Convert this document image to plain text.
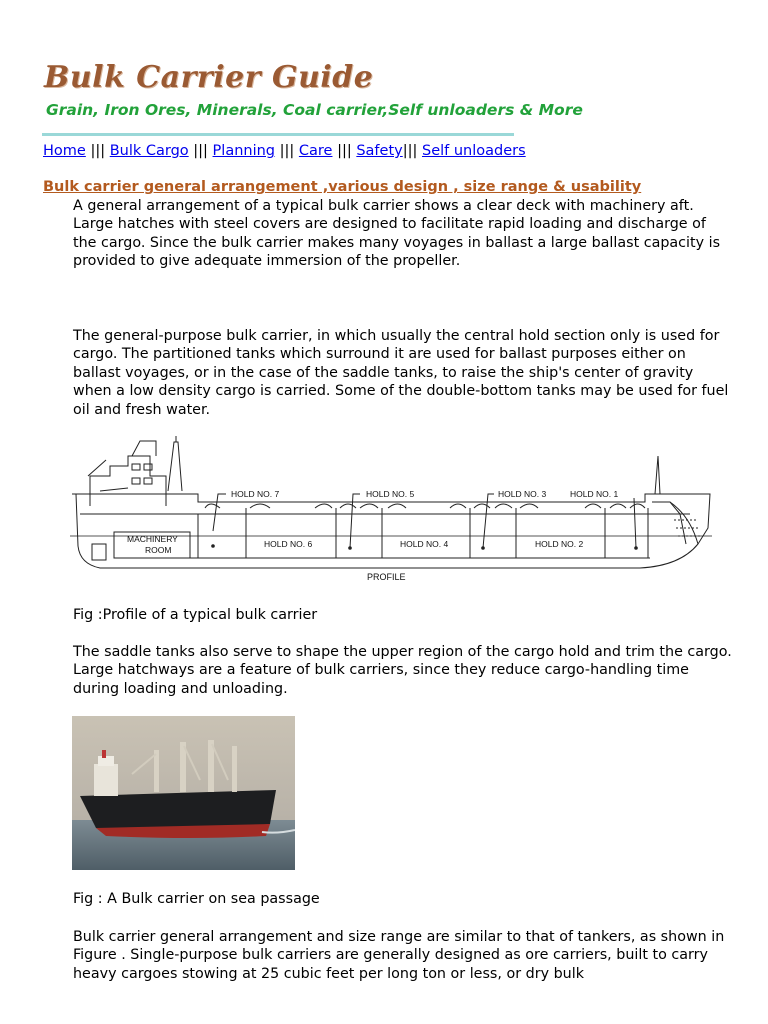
Bulk Carrier Guide
Grain, Iron Ores, Minerals, Coal carrier,Self unloaders & More
Home ||| Bulk Cargo ||| Planning ||| Care ||| Safety||| Self unloaders
Bulk carrier general arrangement ,various design , size range & usability

A general arrangement of a typical bulk carrier shows a clear deck with machinery aft. Large hatches with steel covers are designed to facilitate rapid loading and discharge of the cargo. Since the bulk carrier makes many voyages in ballast a large ballast capacity is provided to give adequate immersion of the propeller.

The general-purpose bulk carrier, in which usually the central hold section only is used for cargo. The partitioned tanks which surround it are used for ballast purposes either on ballast voyages, or in the case of the saddle tanks, to raise the ship's center of gravity when a low density cargo is carried. Some of the double-bottom tanks may be used for fuel oil and fresh water.

MACHINERY
ROOM
HOLD NO. 7	HOLD NO. 5	HOLD NO. 3	HOLD NO. 1
HOLD NO. 6	HOLD NO. 4	HOLD NO. 2
PROFILE

Fig :Profile of a typical bulk carrier

The saddle tanks also serve to shape the upper region of the cargo hold and trim the cargo. Large hatchways are a feature of bulk carriers, since they reduce cargo-handling time during loading and unloading.

Fig : A Bulk carrier on sea passage

Bulk carrier general arrangement and size range are similar to that of tankers, as shown in Figure . Single-purpose bulk carriers are generally designed as ore carriers, built to carry heavy cargoes stowing at 25 cubic feet per long ton or less, or dry bulk
